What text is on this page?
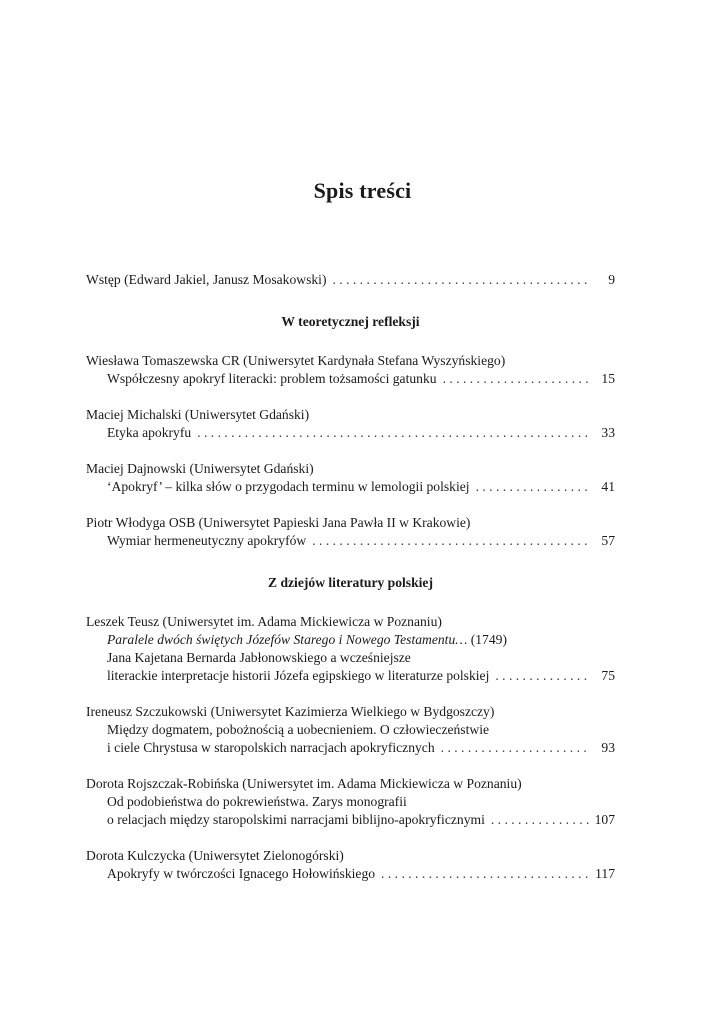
Spis treści
Wstęp (Edward Jakiel, Janusz Mosakowski) . . .	9
W teoretycznej refleksji
Wiesława Tomaszewska CR (Uniwersytet Kardynała Stefana Wyszyńskiego)
Współczesny apokryf literacki: problem tożsamości gatunku . . .	15
Maciej Michalski (Uniwersytet Gdański)
Etyka apokryfu . . .	33
Maciej Dajnowski (Uniwersytet Gdański)
‘Apokryf’ – kilka słów o przygodach terminu w lemologii polskiej . . .	41
Piotr Włodyga OSB (Uniwersytet Papieski Jana Pawła II w Krakowie)
Wymiar hermeneutyczny apokryfów . . .	57
Z dziejów literatury polskiej
Leszek Teusz (Uniwersytet im. Adama Mickiewicza w Poznaniu)
Paralele dwóch świętych Józefów Starego i Nowego Testamentu… (1749)
Jana Kajetana Bernarda Jabłonowskiego a wcześniejsze
literackie interpretacje historii Józefa egipskiego w literaturze polskiej . . .	75
Ireneusz Szczukowski (Uniwersytet Kazimierza Wielkiego w Bydgoszczy)
Między dogmatem, pobożnością a uobecnieniem. O człowieczeństwie
i ciele Chrystusa w staropolskich narracjach apokryficznych . . .	93
Dorota Rojszczak-Robińska (Uniwersytet im. Adama Mickiewicza w Poznaniu)
Od podobieństwa do pokrewieństwa. Zarys monografii
o relacjach między staropolskimi narracjami biblijno-apokryficznymi . . .	107
Dorota Kulczycka (Uniwersytet Zielonogórski)
Apokryfy w twórczości Ignacego Hołowińskiego . . .	117
